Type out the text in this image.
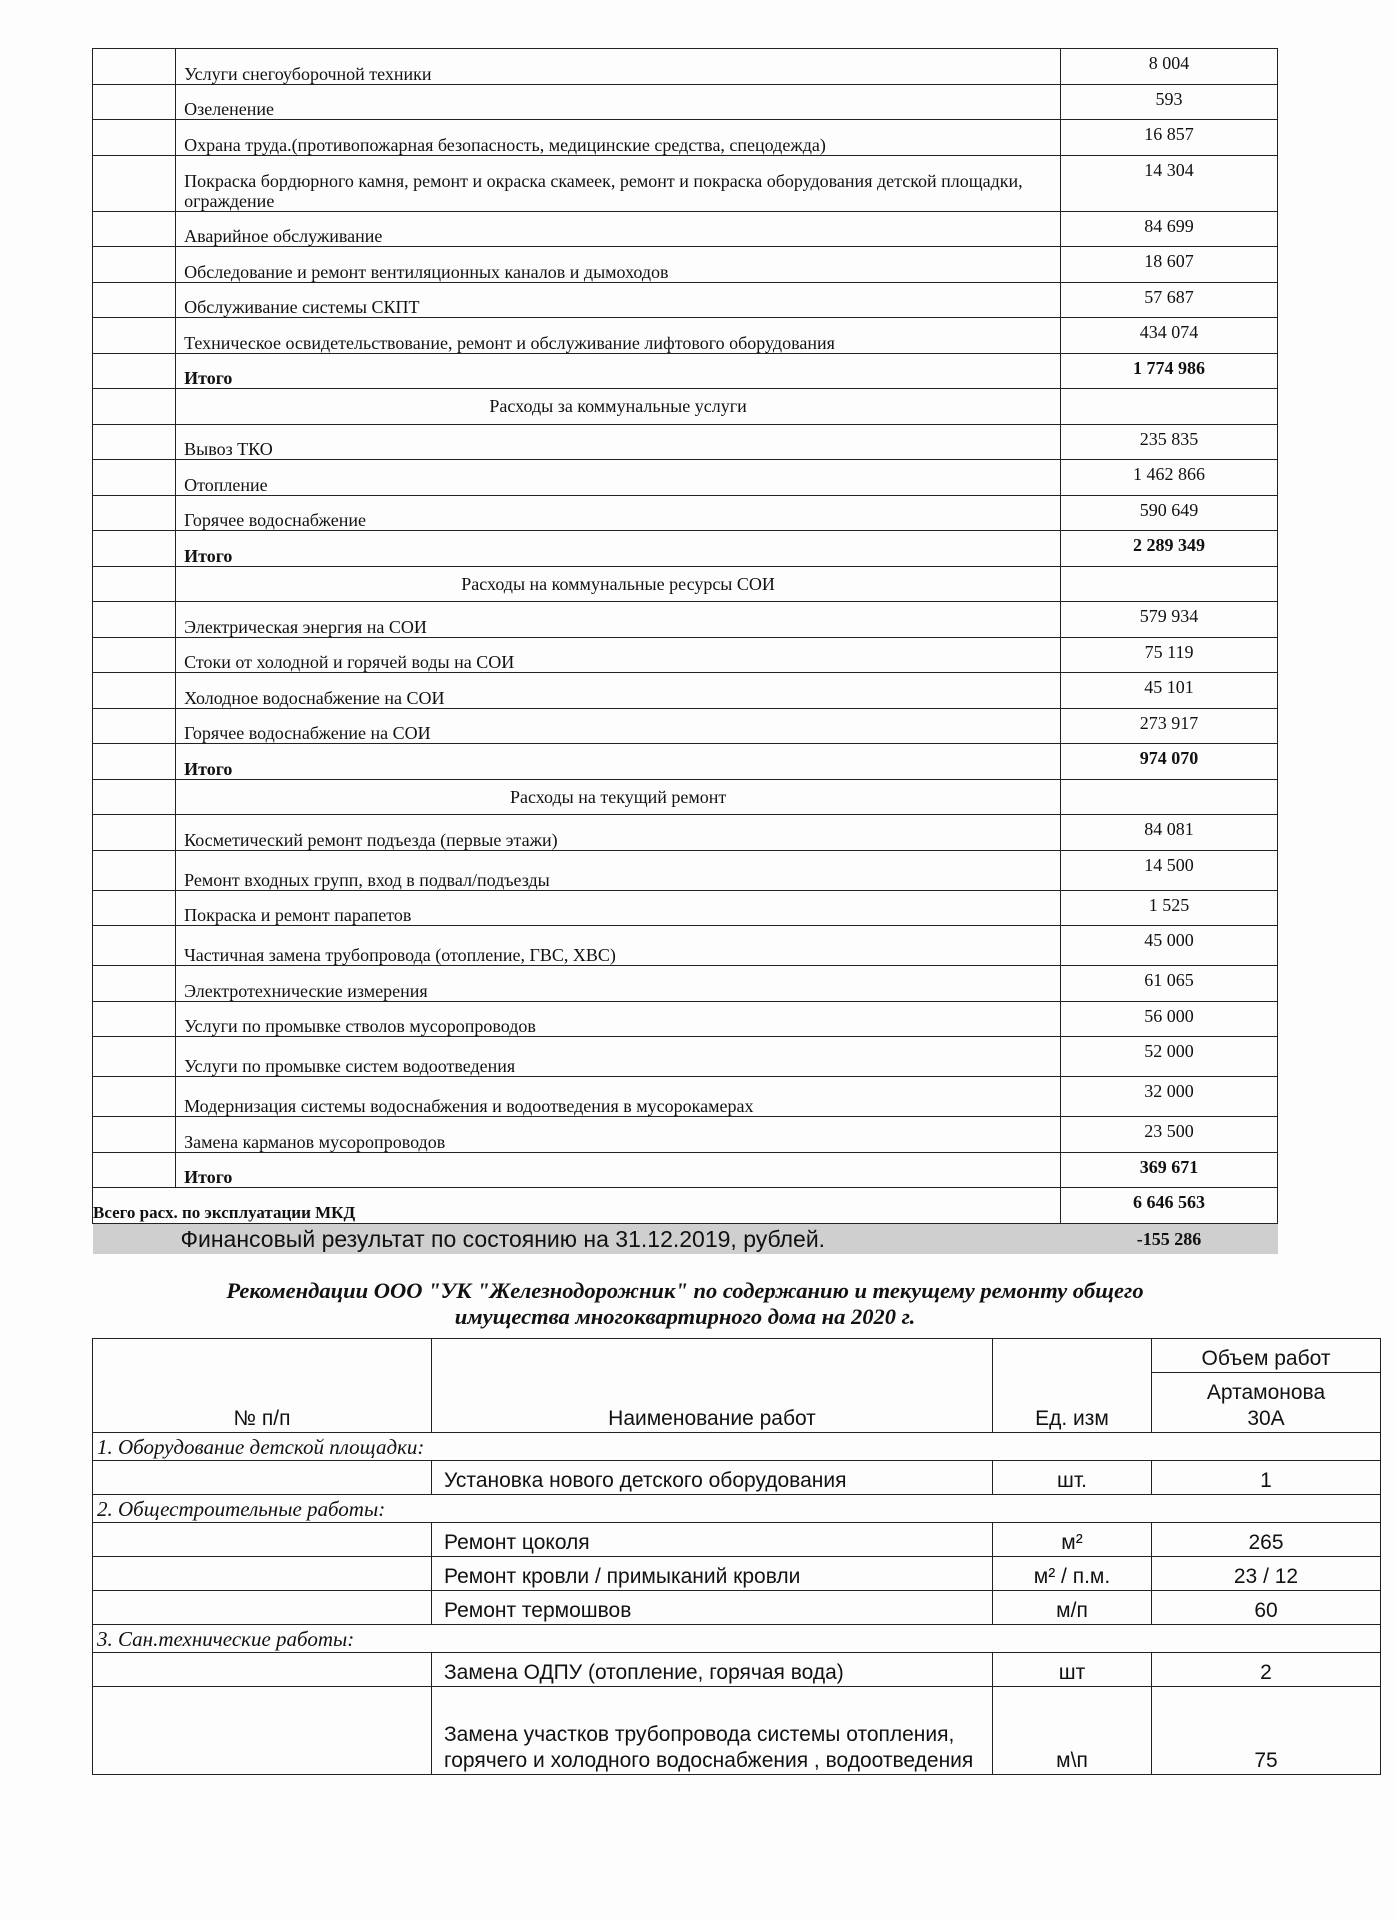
	Услуги снегоуборочной техники	8 004
	Озеленение	593
	Охрана труда.(противопожарная безопасность, медицинские средства, спецодежда)	16 857
	Покраска бордюрного камня, ремонт и окраска скамеек, ремонт и покраска оборудования детской площадки, ограждение	14 304
	Аварийное обслуживание	84 699
	Обследование и ремонт вентиляционных каналов и дымоходов	18 607
	Обслуживание системы СКПТ	57 687
	Техническое освидетельствование, ремонт и обслуживание лифтового оборудования	434 074
	Итого	1 774 986
	Расходы за коммунальные услуги	
	Вывоз ТКО	235 835
	Отопление	1 462 866
	Горячее водоснабжение	590 649
	Итого	2 289 349
	Расходы на коммунальные ресурсы СОИ	
	Электрическая энергия на СОИ	579 934
	Стоки от холодной и горячей воды на СОИ	75 119
	Холодное водоснабжение на СОИ	45 101
	Горячее водоснабжение на СОИ	273 917
	Итого	974 070
	Расходы на текущий ремонт	
	Косметический ремонт подъезда (первые этажи)	84 081
	Ремонт входных групп, вход в подвал/подъезды	14 500
	Покраска и ремонт парапетов	1 525
	Частичная замена трубопровода (отопление, ГВС, ХВС)	45 000
	Электротехнические измерения	61 065
	Услуги по промывке стволов мусоропроводов	56 000
	Услуги по промывке систем водоотведения	52 000
	Модернизация системы водоснабжения и водоотведения в мусорокамерах	32 000
	Замена карманов мусоропроводов	23 500
	Итого	369 671
Всего расх. по эксплуатации МКД		6 646 563
Финансовый результат по состоянию на 31.12.2019, рублей.		-155 286
Рекомендации ООО "УК "Железнодорожник" по содержанию и текущему ремонту общего
имущества многоквартирного дома на 2020 г.
№ п/п	Наименование работ	Ед. изм	Объем работ

			Артамонова
30А

1. Оборудование детской площадки:			
	Установка нового детского оборудования	шт.	1
2. Общестроительные работы:			
	Ремонт цоколя	м²	265
	Ремонт кровли / примыканий кровли	м² / п.м.	23 / 12
	Ремонт термошвов	м/п	60
3. Сан.технические работы:			
	Замена ОДПУ (отопление, горячая вода)	шт	2
	Замена участков трубопровода системы отопления, горячего и холодного водоснабжения , водоотведения	м\п	75
